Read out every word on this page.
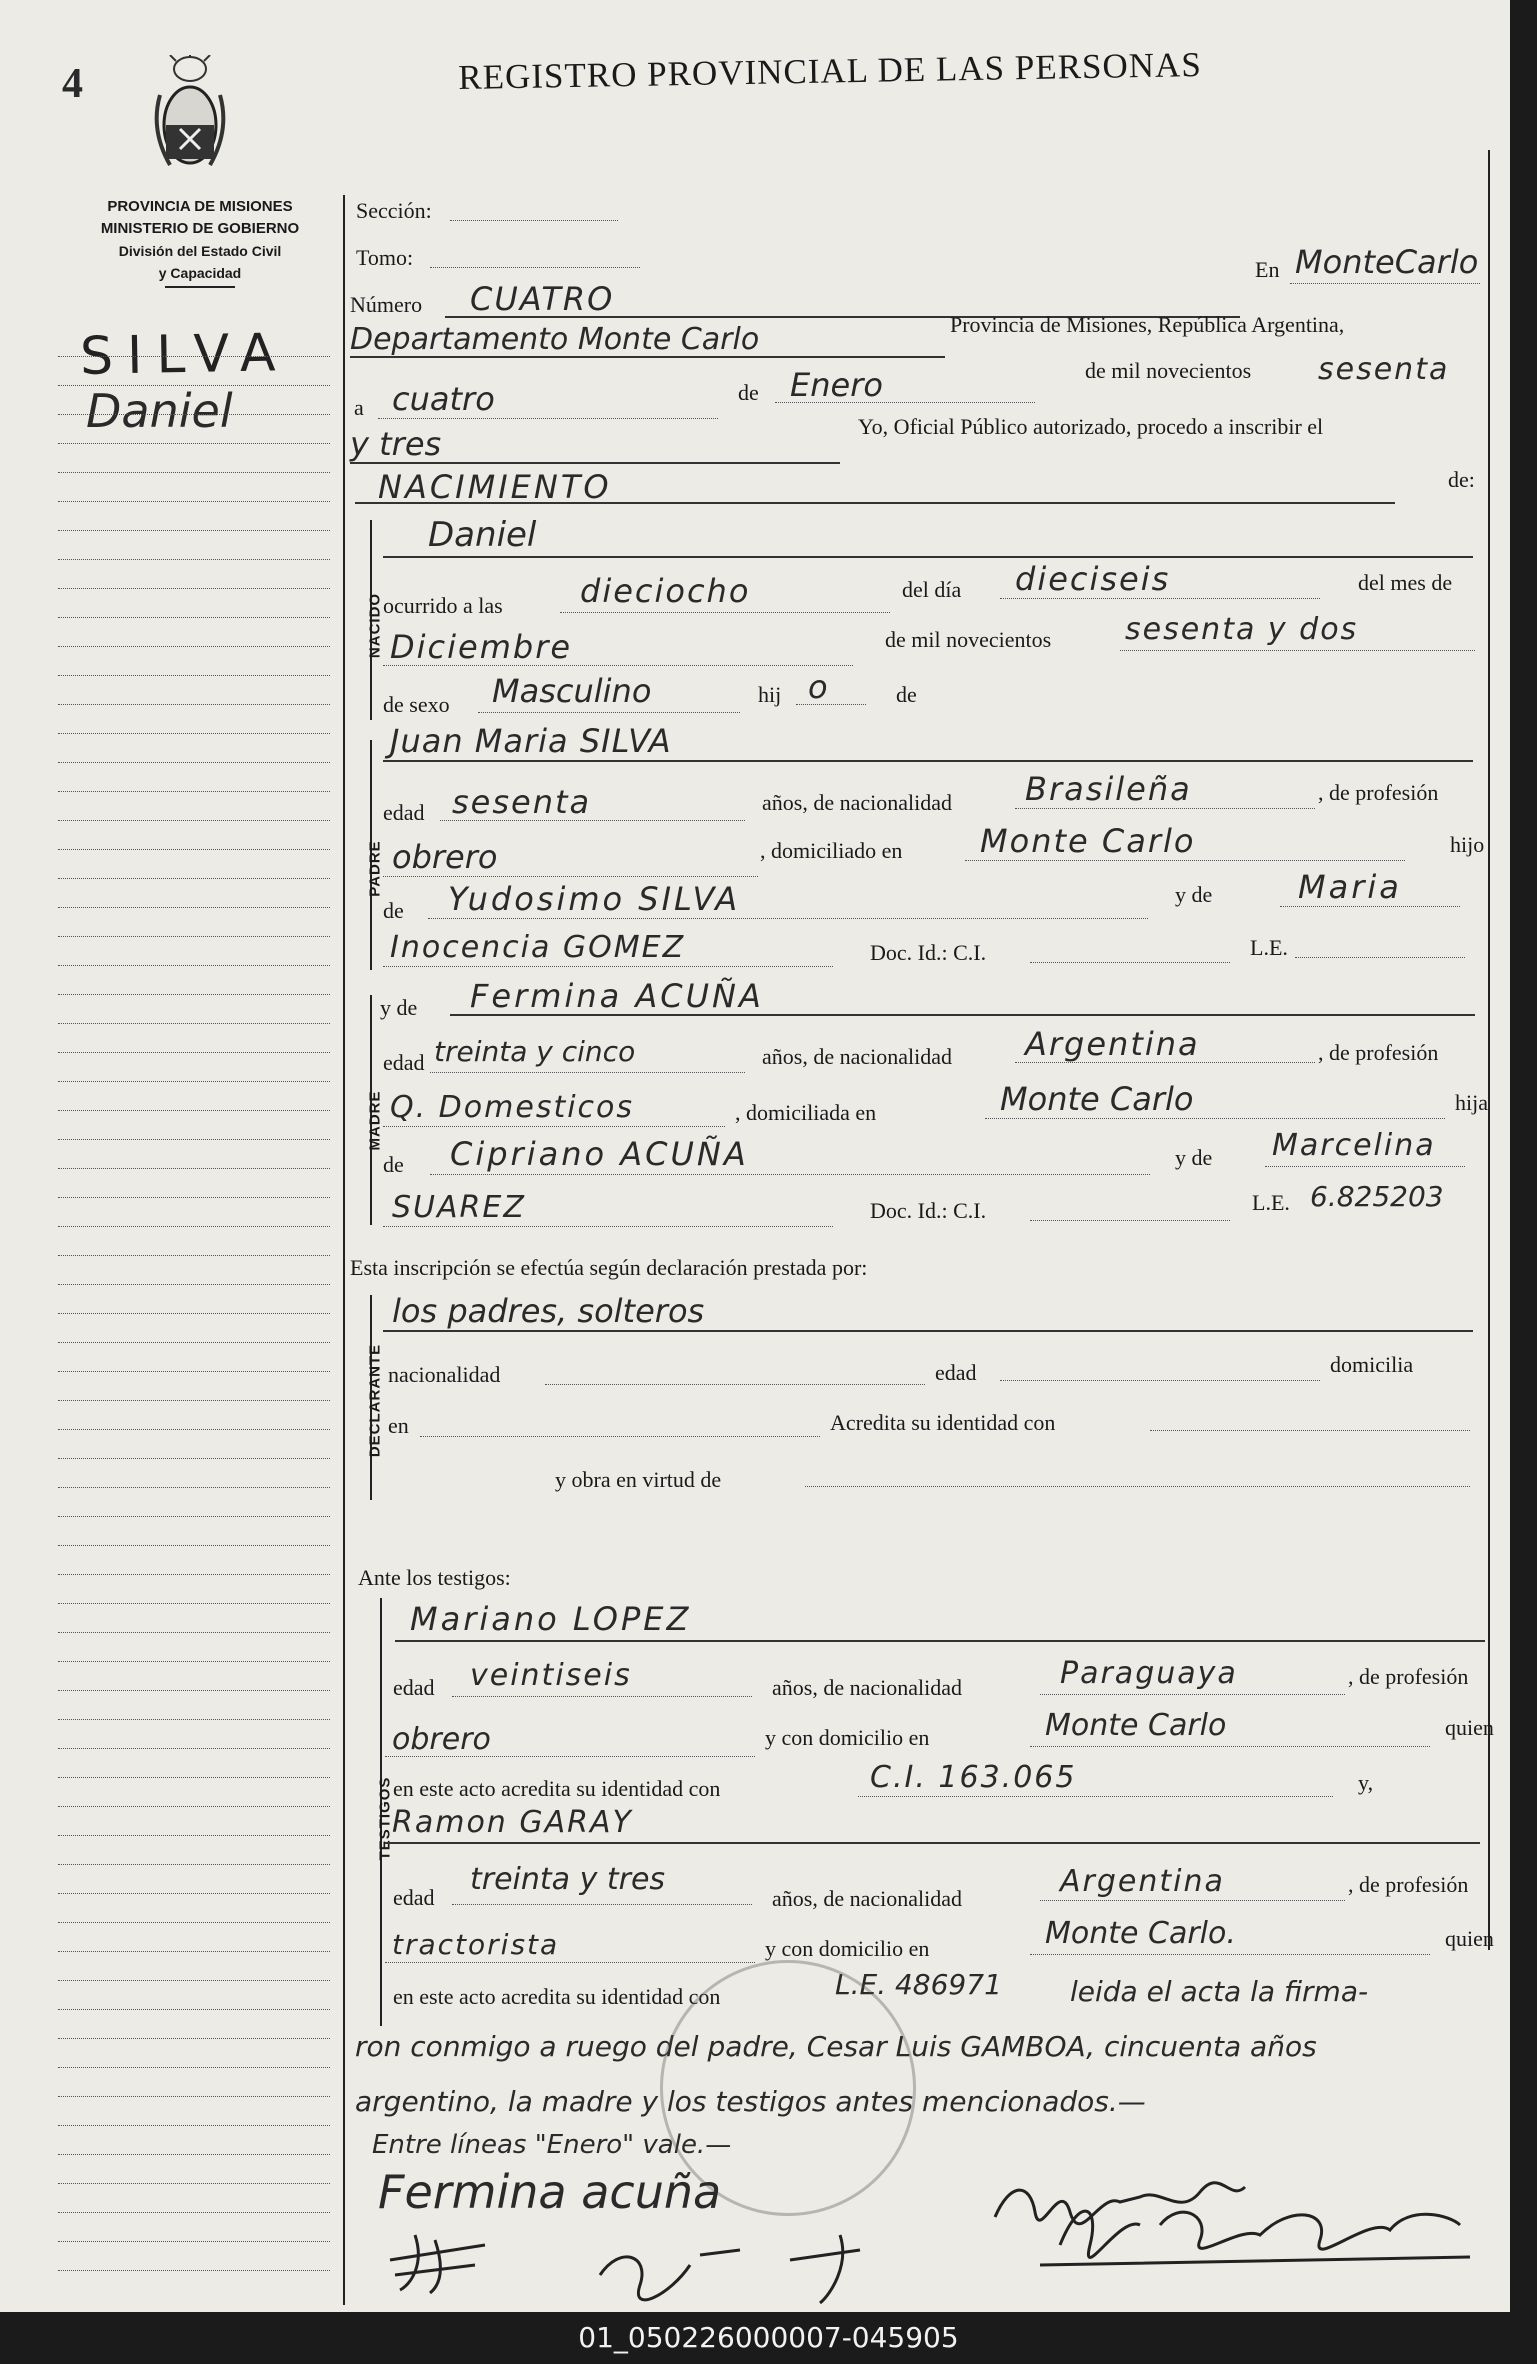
4	REGISTRO PROVINCIAL DE LAS PERSONAS
PROVINCIA DE MISIONES
MINISTERIO DE GOBIERNO
División del Estado Civil
y Capacidad
SILVA
Daniel
Sección:
Tomo:
Número CUATRO
En MonteCarlo
Departamento Monte Carlo	Provincia de Misiones, República Argentina,
a cuatro	de Enero	de mil novecientos sesenta
y tres	Yo, Oficial Público autorizado, procedo a inscribir el
NACIMIENTO	de:
NACIDO
Daniel
ocurrido a las dieciocho	del día dieciseis	del mes de
Diciembre	de mil novecientos sesenta y dos
de sexo Masculino	hij o	de
PADRE
Juan Maria SILVA
edad sesenta	años, de nacionalidad Brasileña	, de profesión
obrero	, domiciliado en Monte Carlo	hijo
de Yudosimo SILVA	y de	Maria
Inocencia GOMEZ	Doc. Id.: C.I.	L.E.
MADRE
y de Fermina ACUÑA
edad treinta y cinco	años, de nacionalidad Argentina	, de profesión
Q. Domesticos	, domiciliada en	Monte Carlo	hija
de Cipriano ACUÑA	y de Marcelina
SUAREZ	Doc. Id.: C.I.	L.E. 6.825203
Esta inscripción se efectúa según declaración prestada por:
DECLARANTE
los padres, solteros
nacionalidad	edad	domicilia
en	Acredita su identidad con
y obra en virtud de
Ante los testigos:
TESTIGOS
Mariano LOPEZ
edad veintiseis	años, de nacionalidad	Paraguaya	, de profesión
obrero	y con domicilio en	Monte Carlo	quien
en este acto acredita su identidad con	C.I. 163.065	y,
Ramon GARAY
edad
treinta y tres
años, de nacionalidad	Argentina	, de profesión
tractorista	y con domicilio en	Monte Carlo.	quien
en este acto acredita su identidad con	L.E. 486971 leida el acta la firma-
ron conmigo a ruego del padre, Cesar Luis GAMBOA, cincuenta años
argentino, la madre y los testigos antes mencionados.—
Entre líneas "Enero" vale.—
Fermina acuña
01_050226000007-045905
